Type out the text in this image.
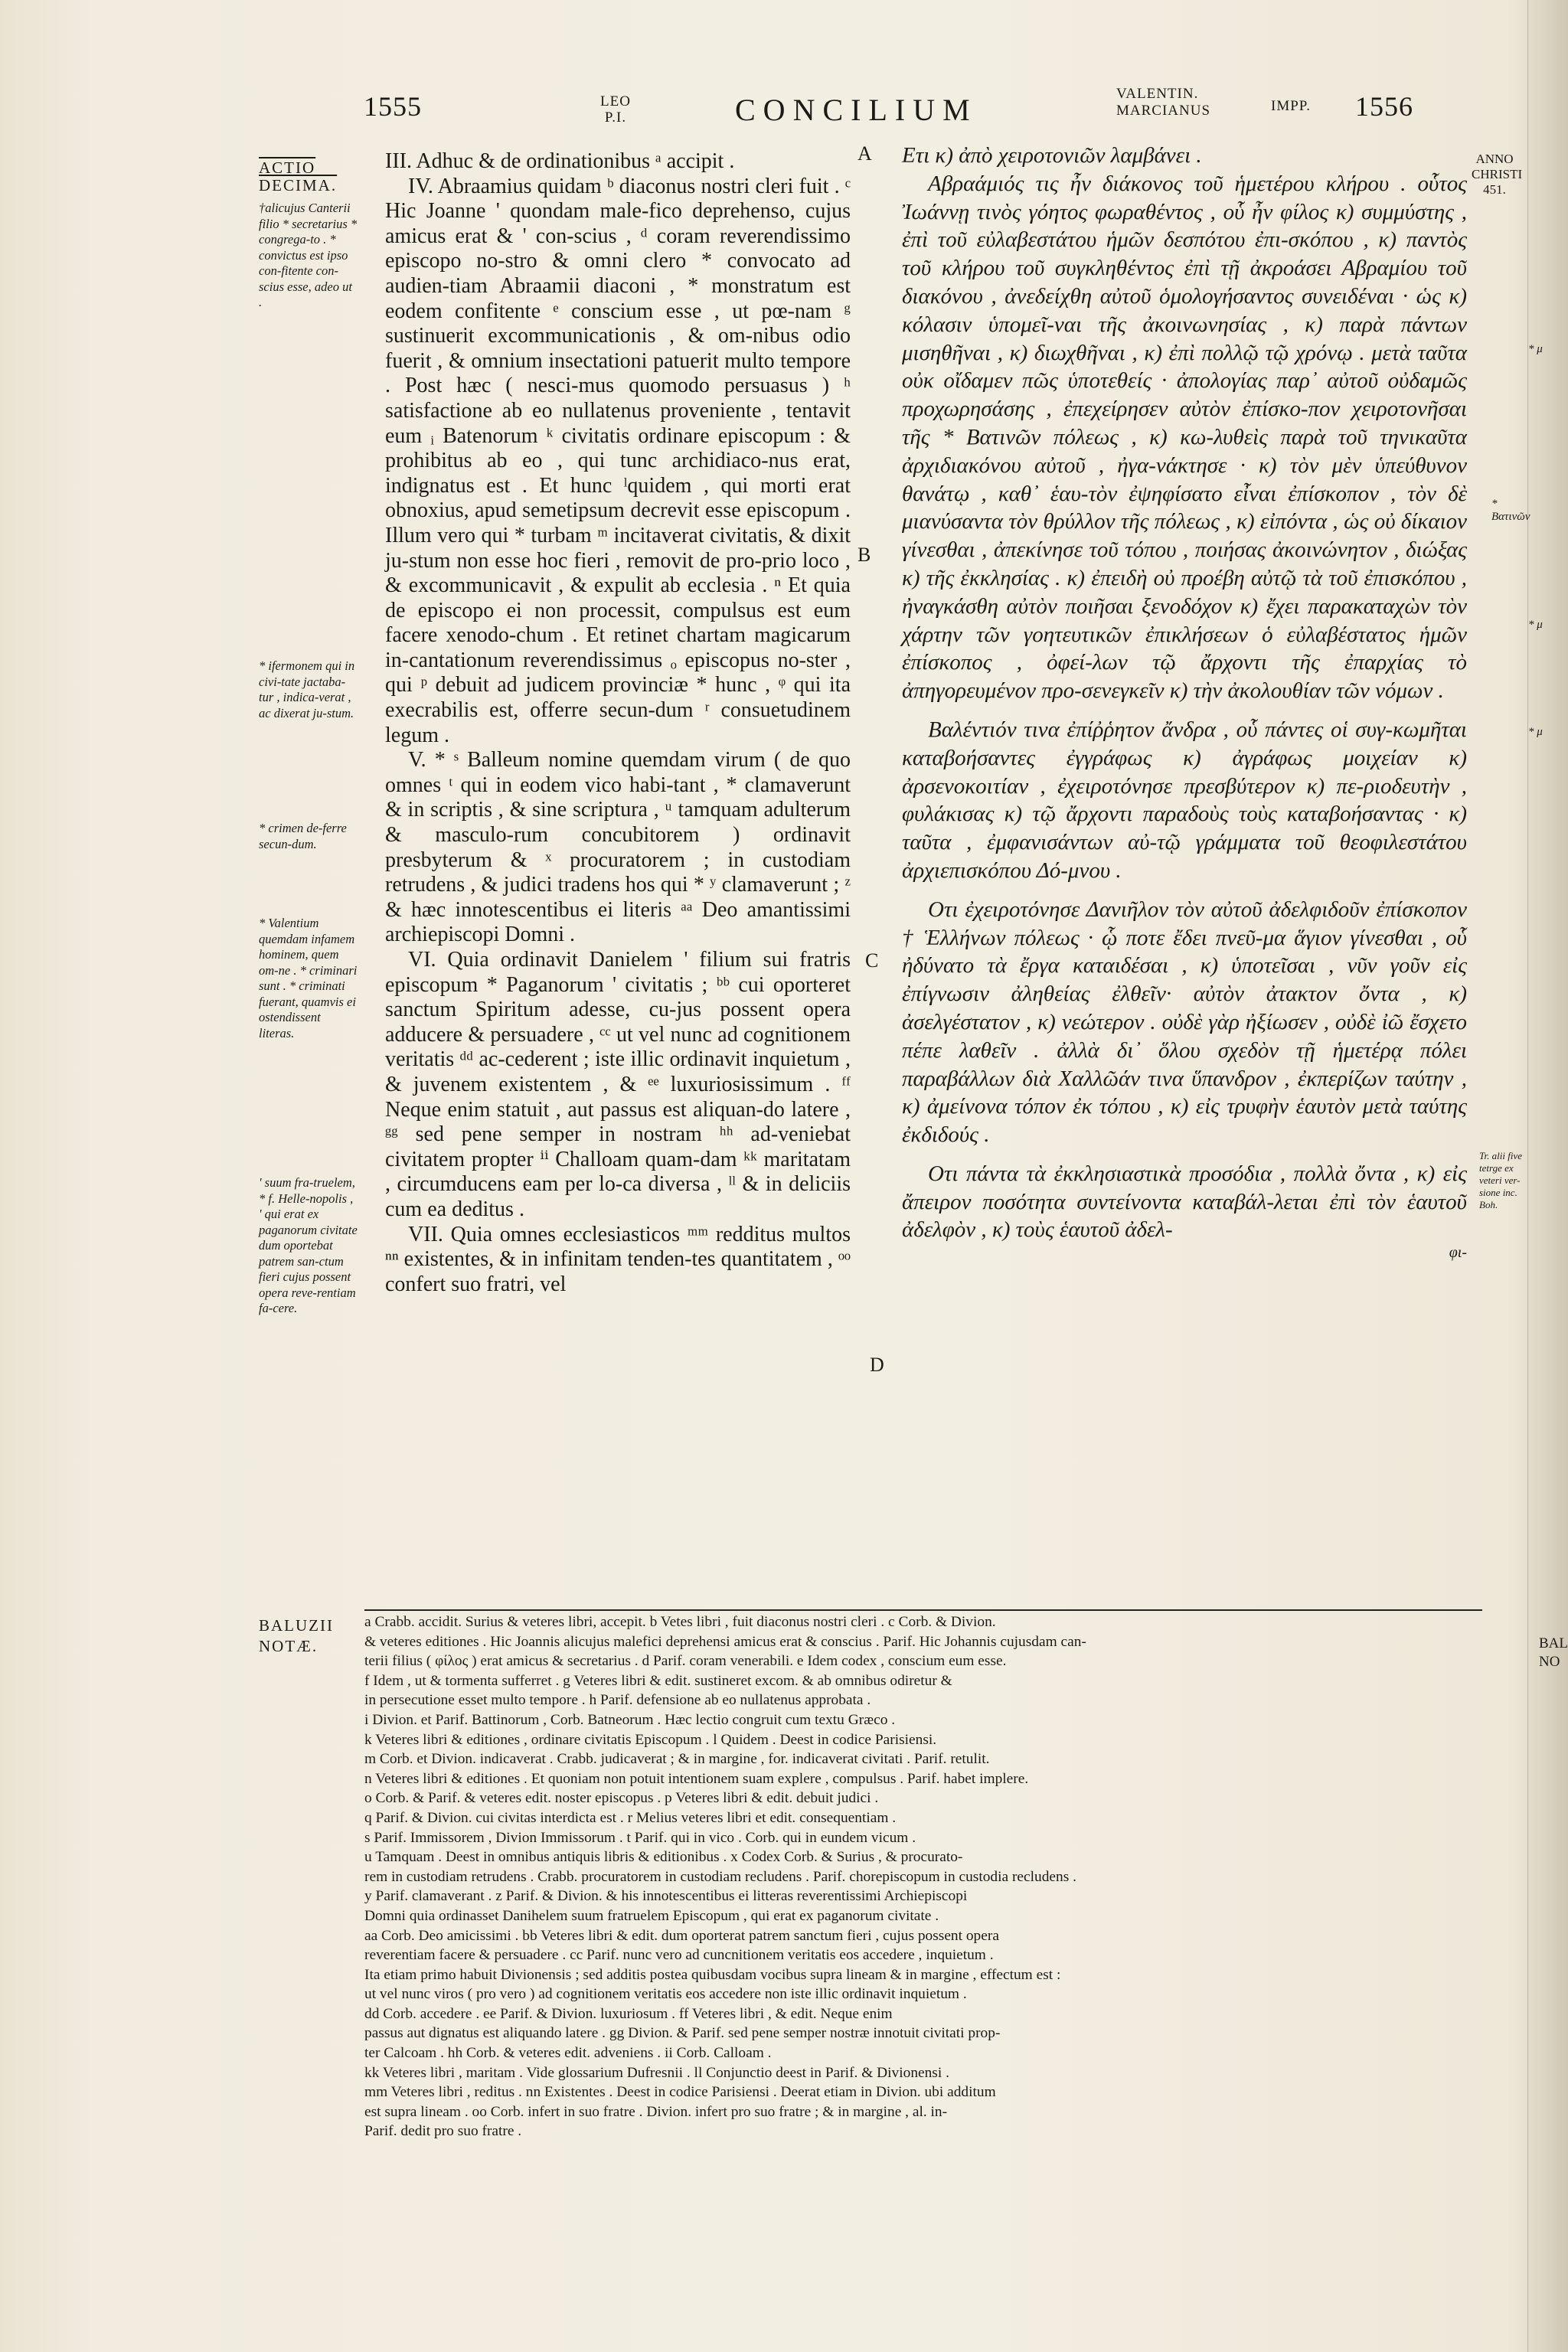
1555	LEO
P.I.	CONCILIUM	VALENTIN.
MARCIANUS	IMPP. 1556
ANNO
CHRISTI
451.
ACTIO
DECIMA.
†alicujus Canterii filio * secretarius * congrega-to . * convictus est ipso con-fitente con-scius esse, adeo ut .
* ifermonem qui in civi-tate jactaba-tur , indica-verat , ac dixerat ju-stum.
* crimen de-ferre secun-dum.
* Valentium quemdam infamem hominem, quem om-ne . * criminari sunt . * criminati fuerant, quamvis ei ostendissent literas.
' suum fra-truelem, * f. Helle-nopolis , ' qui erat ex paganorum civitate dum oportebat patrem san-ctum fieri cujus possent opera reve-rentiam fa-cere.

III. Adhuc & de ordinationibus ᵃ accipit .

IV. Abraamius quidam ᵇ diaconus nostri cleri fuit . ᶜ Hic Joanne ' quondam male-fico deprehenso, cujus amicus erat & ' con-scius , ᵈ coram reverendissimo episcopo no-stro & omni clero * convocato ad audien-tiam Abraamii diaconi , * monstratum est eodem confitente ᵉ conscium esse , ut pœ-nam ᵍ sustinuerit excommunicationis , & om-nibus odio fuerit , & omnium insectationi patuerit multo tempore . Post hæc ( nesci-mus quomodo persuasus ) ʰ satisfactione ab eo nullatenus proveniente , tentavit eum ᵢ Batenorum ᵏ civitatis ordinare episcopum : & prohibitus ab eo , qui tunc archidiaco-nus erat, indignatus est . Et hunc ˡquidem , qui morti erat obnoxius, apud semetipsum decrevit esse episcopum . Illum vero qui * turbam ᵐ incitaverat civitatis, & dixit ju-stum non esse hoc fieri , removit de pro-prio loco , & excommunicavit , & expulit ab ecclesia . ⁿ Et quia de episcopo ei non processit, compulsus est eum facere xenodo-chum . Et retinet chartam magicarum in-cantationum reverendissimus ₒ episcopus no-ster , qui ᵖ debuit ad judicem provinciæ * hunc , ᵠ qui ita execrabilis est, offerre secun-dum ʳ consuetudinem legum .

V. * ˢ Balleum nomine quemdam virum ( de quo omnes ᵗ qui in eodem vico habi-tant , * clamaverunt & in scriptis , & sine scriptura , ᵘ tamquam adulterum & masculo-rum concubitorem ) ordinavit presbyterum & ˣ procuratorem ; in custodiam retrudens , & judici tradens hos qui * ʸ clamaverunt ; ᶻ & hæc innotescentibus ei literis ᵃᵃ Deo amantissimi archiepiscopi Domni .

VI. Quia ordinavit Danielem ' filium sui fratris episcopum * Paganorum ' civitatis ; ᵇᵇ cui oporteret sanctum Spiritum adesse, cu-jus possent opera adducere & persuadere , ᶜᶜ ut vel nunc ad cognitionem veritatis ᵈᵈ ac-cederent ; iste illic ordinavit inquietum , & juvenem existentem , & ᵉᵉ luxuriosissimum . ᶠᶠ Neque enim statuit , aut passus est aliquan-do latere , ᵍᵍ sed pene semper in nostram ʰʰ ad-veniebat civitatem propter ⁱⁱ Challoam quam-dam ᵏᵏ maritatam , circumducens eam per lo-ca diversa , ˡˡ & in deliciis cum ea deditus .

VII. Quia omnes ecclesiasticos ᵐᵐ redditus multos ⁿⁿ existentes, & in infinitam tenden-tes quantitatem , ᵒᵒ confert suo fratri, vel

A
B
C
D

Ετι κ) ἀπὸ χειροτονιῶν λαμβάνει .

Αβραάμιός τις ἦν διάκονος τοῦ ἡμετέρου κλήρου . οὗτος Ἰωάννῃ τινὸς γόητος φωραθέντος , οὗ ἦν φίλος κ) συμμύστης , ἐπὶ τοῦ εὐλαβεστάτου ἡμῶν δεσπότου ἐπι-σκόπου , κ) παντὸς τοῦ κλήρου τοῦ συγκληθέντος ἐπὶ τῇ ἀκροάσει Αβραμίου τοῦ διακόνου , ἀνεδείχθη αὐτοῦ ὁμολογήσαντος συνειδέναι · ὡς κ) κόλασιν ὑπομεῖ-ναι τῆς ἀκοινωνησίας , κ) παρὰ πάντων μισηθῆναι , κ) διωχθῆναι , κ) ἐπὶ πολλῷ τῷ χρόνῳ . μετὰ ταῦτα οὐκ οἴδαμεν πῶς ὑποτεθείς · ἀπολογίας παρ᾽ αὐτοῦ οὐδαμῶς προχωρησάσης , ἐπεχείρησεν αὐτὸν ἐπίσκο-πον χειροτονῆσαι τῆς * Βατινῶν πόλεως , κ) κω-λυθεὶς παρὰ τοῦ τηνικαῦτα ἀρχιδιακόνου αὐτοῦ , ἠγα-νάκτησε · κ) τὸν μὲν ὑπεύθυνον θανάτῳ , καθ᾽ ἑαυ-τὸν ἐψηφίσατο εἶναι ἐπίσκοπον , τὸν δὲ μιανύσαντα τὸν θρύλλον τῆς πόλεως , κ) εἰπόντα , ὡς οὐ δίκαιον γίνεσθαι , ἀπεκίνησε τοῦ τόπου , ποιήσας ἀκοινώνητον , διώξας κ) τῆς ἐκκλησίας . κ) ἐπειδὴ οὐ προέβη αὐτῷ τὰ τοῦ ἐπισκόπου , ἠναγκάσθη αὐτὸν ποιῆσαι ξενοδόχον κ) ἔχει παρακαταχὼν τὸν χάρτην τῶν γοητευτικῶν ἐπικλήσεων ὁ εὐλαβέστατος ἡμῶν ἐπίσκοπος , ὀφεί-λων τῷ ἄρχοντι τῆς ἐπαρχίας τὸ ἀπηγορευμένον προ-σενεγκεῖν κ) τὴν ἀκολουθίαν τῶν νόμων .

Βαλέντιόν τινα ἐπίῤῥητον ἄνδρα , οὗ πάντες οἱ συγ-κωμῆται καταβοήσαντες ἐγγράφως κ) ἀγράφως μοιχείαν κ) ἀρσενοκοιτίαν , ἐχειροτόνησε πρεσβύτερον κ) πε-ριοδευτὴν , φυλάκισας κ) τῷ ἄρχοντι παραδοὺς τοὺς καταβοήσαντας · κ) ταῦτα , ἐμφανισάντων αὐ-τῷ γράμματα τοῦ θεοφιλεστάτου ἀρχιεπισκόπου Δό-μνου .

Οτι ἐχειροτόνησε Δανιῆλον τὸν αὐτοῦ ἀδελφιδοῦν ἐπίσκοπον † Ἑλλήνων πόλεως · ᾧ ποτε ἔδει πνεῦ-μα ἅγιον γίνεσθαι , οὗ ἠδύνατο τὰ ἔργα καταιδέσαι , κ) ὑποτεῖσαι , νῦν γοῦν εἰς ἐπίγνωσιν ἀληθείας ἐλθεῖν· αὐτὸν ἀτακτον ὄντα , κ) ἀσελγέστατον , κ) νεώτερον . οὐδὲ γὰρ ἠξίωσεν , οὐδὲ ἰῶ ἔσχετο πέπε λαθεῖν . ἀλλὰ δι᾽ ὅλου σχεδὸν τῇ ἡμετέρᾳ πόλει παραβάλλων διὰ Χαλλῶάν τινα ὕπανδρον , ἐκπερίζων ταύτην , κ) ἀμείνονα τόπον ἐκ τόπου , κ) εἰς τρυφὴν ἑαυτὸν μετὰ ταύτης ἐκδιδούς .

Οτι πάντα τὰ ἐκκλησιαστικὰ προσόδια , πολλὰ ὄντα , κ) εἰς ἄπειρον ποσότητα συντείνοντα καταβάλ-λεται ἐπὶ τὸν ἑαυτοῦ ἀδελφὸν , κ) τοὺς ἑαυτοῦ ἀδελ-

φι-
* μ
* Βατινῶν
* μ
* μ
Tr. alii five tetrge ex veteri ver-sione inc. Boh.
BALUZII
NOTÆ.
a Crabb. accidit. Surius & veteres libri, accepit. b Vetes libri , fuit diaconus nostri cleri . c Corb. & Divion.
& veteres editiones . Hic Joannis alicujus malefici deprehensi amicus erat & conscius . Parif. Hic Johannis cujusdam can-
terii filius ( φίλος ) erat amicus & secretarius . d Parif. coram venerabili. e Idem codex , conscium eum esse.
f Idem , ut & tormenta sufferret . g Veteres libri & edit. sustineret excom. & ab omnibus odiretur &
in persecutione esset multo tempore . h Parif. defensione ab eo nullatenus approbata .
i Divion. et Parif. Battinorum , Corb. Batneorum . Hæc lectio congruit cum textu Græco .
k Veteres libri & editiones , ordinare civitatis Episcopum . l Quidem . Deest in codice Parisiensi.
m Corb. et Divion. indicaverat . Crabb. judicaverat ; & in margine , for. indicaverat civitati . Parif. retulit.
n Veteres libri & editiones . Et quoniam non potuit intentionem suam explere , compulsus . Parif. habet implere.
o Corb. & Parif. & veteres edit. noster episcopus . p Veteres libri & edit. debuit judici .
q Parif. & Divion. cui civitas interdicta est . r Melius veteres libri et edit. consequentiam .
s Parif. Immissorem , Divion Immissorum . t Parif. qui in vico . Corb. qui in eundem vicum .
u Tamquam . Deest in omnibus antiquis libris & editionibus . x Codex Corb. & Surius , & procurato-
rem in custodiam retrudens . Crabb. procuratorem in custodiam recludens . Parif. chorepiscopum in custodia recludens .
y Parif. clamaverant . z Parif. & Divion. & his innotescentibus ei litteras reverentissimi Archiepiscopi
Domni quia ordinasset Danihelem suum fratruelem Episcopum , qui erat ex paganorum civitate .
aa Corb. Deo amicissimi . bb Veteres libri & edit. dum oporterat patrem sanctum fieri , cujus possent opera
reverentiam facere & persuadere . cc Parif. nunc vero ad cuncnitionem veritatis eos accedere , inquietum .
Ita etiam primo habuit Divionensis ; sed additis postea quibusdam vocibus supra lineam & in margine , effectum est :
ut vel nunc viros ( pro vero ) ad cognitionem veritatis eos accedere non iste illic ordinavit inquietum .
dd Corb. accedere . ee Parif. & Divion. luxuriosum . ff Veteres libri , & edit. Neque enim
passus aut dignatus est aliquando latere . gg Divion. & Parif. sed pene semper nostræ innotuit civitati prop-
ter Calcoam . hh Corb. & veteres edit. adveniens . ii Corb. Calloam .
kk Veteres libri , maritam . Vide glossarium Dufresnii . ll Conjunctio deest in Parif. & Divionensi .
mm Veteres libri , reditus . nn Existentes . Deest in codice Parisiensi . Deerat etiam in Divion. ubi additum
est supra lineam . oo Corb. infert in suo fratre . Divion. infert pro suo fratre ; & in margine , al. in-
Parif. dedit pro suo fratre .
BAL NO
